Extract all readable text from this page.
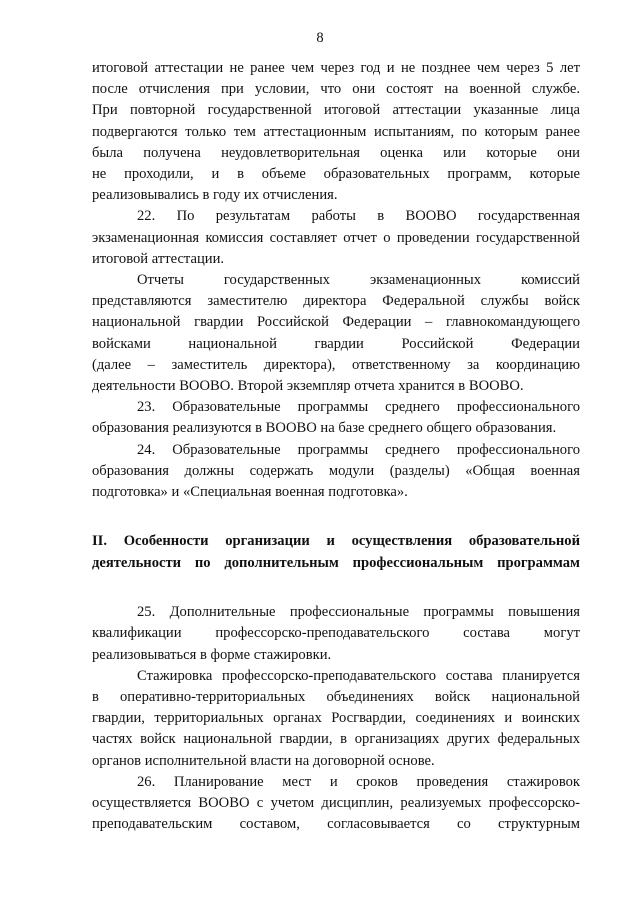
8

итоговой аттестации не ранее чем через год и не позднее чем через 5 лет
после отчисления при условии, что они состоят на военной службе.
При повторной государственной итоговой аттестации указанные лица
подвергаются только тем аттестационным испытаниям, по которым ранее
была получена неудовлетворительная оценка или которые они
не проходили, и в объеме образовательных программ, которые
реализовывались в году их отчисления.

22. По результатам работы в ВООВО государственная
экзаменационная комиссия составляет отчет о проведении государственной
итоговой аттестации.

Отчеты государственных экзаменационных комиссий
представляются заместителю директора Федеральной службы войск
национальной гвардии Российской Федерации – главнокомандующего
войсками национальной гвардии Российской Федерации
(далее – заместитель директора), ответственному за координацию
деятельности ВООВО. Второй экземпляр отчета хранится в ВООВО.

23. Образовательные программы среднего профессионального
образования реализуются в ВООВО на базе среднего общего образования.

24. Образовательные программы среднего профессионального
образования должны содержать модули (разделы) «Общая военная
подготовка» и «Специальная военная подготовка».

II. Особенности организации и осуществления образовательной
деятельности по дополнительным профессиональным программам

25. Дополнительные профессиональные программы повышения
квалификации профессорско-преподавательского состава могут
реализовываться в форме стажировки.

Стажировка профессорско-преподавательского состава планируется
в оперативно-территориальных объединениях войск национальной
гвардии, территориальных органах Росгвардии, соединениях и воинских
частях войск национальной гвардии, в организациях других федеральных
органов исполнительной власти на договорной основе.

26. Планирование мест и сроков проведения стажировок
осуществляется ВООВО с учетом дисциплин, реализуемых профессорско-
преподавательским составом, согласовывается со структурным
